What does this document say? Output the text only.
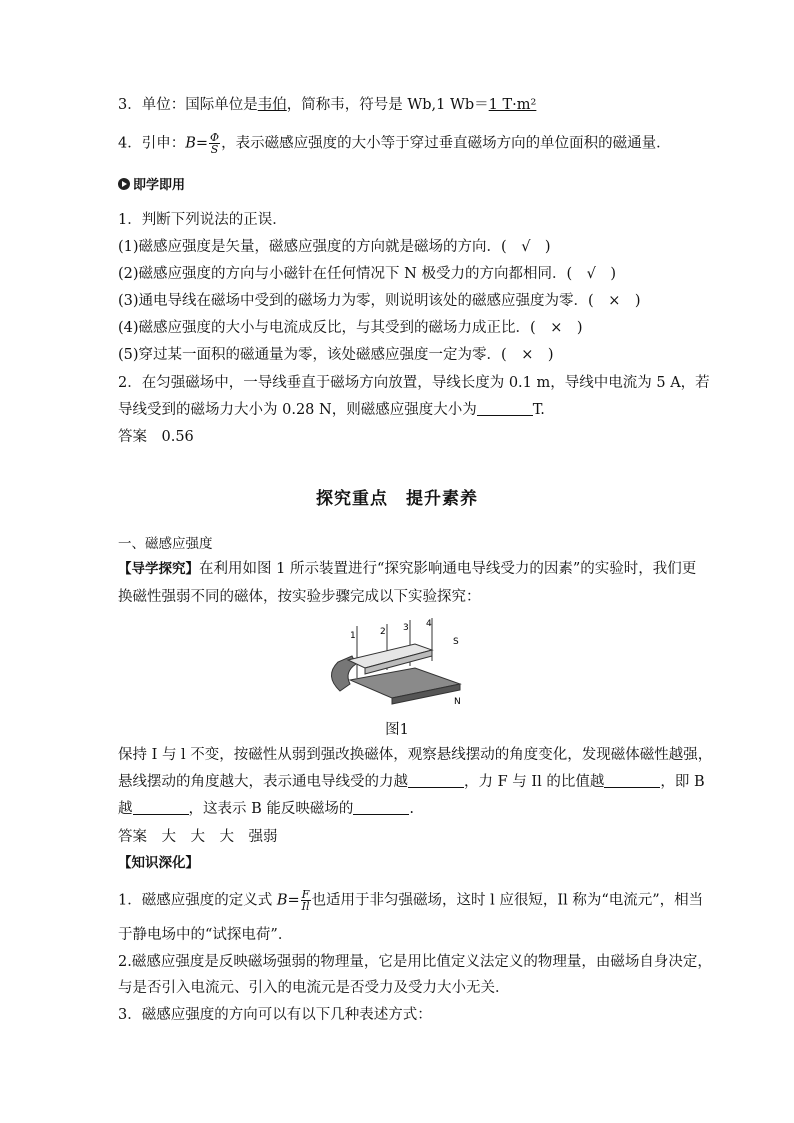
3．单位：国际单位是韦伯，简称韦，符号是 Wb,1 Wb＝1 T·m²
4．引申：$B= \frac{\Phi}{S}$ ，表示磁感应强度的大小等于穿过垂直磁场方向的单位面积的磁通量．
即学即用
1．判断下列说法的正误．
(1)磁感应强度是矢量，磁感应强度的方向就是磁场的方向．(　√　)
(2)磁感应强度的方向与小磁针在任何情况下 N 极受力的方向都相同．(　√　)
(3)通电导线在磁场中受到的磁场力为零，则说明该处的磁感应强度为零．(　×　)
(4)磁感应强度的大小与电流成反比，与其受到的磁场力成正比．(　×　)
(5)穿过某一面积的磁通量为零，该处磁感应强度一定为零．(　×　)
2．在匀强磁场中，一导线垂直于磁场方向放置，导线长度为 0.1 m，导线中电流为 5 A，若
导线受到的磁场力大小为 0.28 N，则磁感应强度大小为	T.
答案　0.56
探究重点　提升素养
一、磁感应强度
【导学探究】在利用如图 1 所示装置进行“探究影响通电导线受力的因素”的实验时，我们更
换磁性强弱不同的磁体，按实验步骤完成以下实验探究：
S
N
1	2 3 4
图1
保持 I 与 l 不变，按磁性从弱到强改换磁体，观察悬线摆动的角度变化，发现磁体磁性越强，
悬线摆动的角度越大，表示通电导线受的力越	，力 F 与 Il 的比值越	，即 B
越	，这表示 B 能反映磁场的	.
答案　大　大　大　强弱
【知识深化】
1．磁感应强度的定义式 $B= \frac{F}{Il}$ 也适用于非匀强磁场，这时 l 应很短，Il 称为“电流元”，相当
于静电场中的“试探电荷”．
2.磁感应强度是反映磁场强弱的物理量，它是用比值定义法定义的物理量，由磁场自身决定，
与是否引入电流元、引入的电流元是否受力及受力大小无关．
3．磁感应强度的方向可以有以下几种表述方式：
